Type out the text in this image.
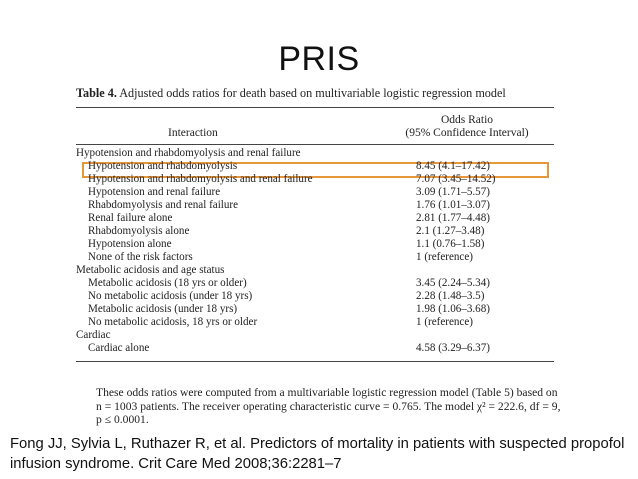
PRIS
Table 4. Adjusted odds ratios for death based on multivariable logistic regression model
Interaction
Odds Ratio
(95% Confidence Interval)
Hypotension and rhabdomyolysis and renal failure
Hypotension and rhabdomyolysis	8.45 (4.1–17.42)
Hypotension and rhabdomyolysis and renal failure	7.07 (3.45–14.52)
Hypotension and renal failure	3.09 (1.71–5.57)
Rhabdomyolysis and renal failure	1.76 (1.01–3.07)
Renal failure alone	2.81 (1.77–4.48)
Rhabdomyolysis alone	2.1 (1.27–3.48)
Hypotension alone	1.1 (0.76–1.58)
None of the risk factors	1 (reference)
Metabolic acidosis and age status
Metabolic acidosis (18 yrs or older)	3.45 (2.24–5.34)
No metabolic acidosis (under 18 yrs)	2.28 (1.48–3.5)
Metabolic acidosis (under 18 yrs)	1.98 (1.06–3.68)
No metabolic acidosis, 18 yrs or older	1 (reference)
Cardiac
Cardiac alone	4.58 (3.29–6.37)
These odds ratios were computed from a multivariable logistic regression model (Table 5) based on n = 1003 patients. The receiver operating characteristic curve = 0.765. The model χ² = 222.6, df = 9, p ≤ 0.0001.
Fong JJ, Sylvia L, Ruthazer R, et al. Predictors of mortality in patients with suspected propofol infusion syndrome. Crit Care Med 2008;36:2281–7
